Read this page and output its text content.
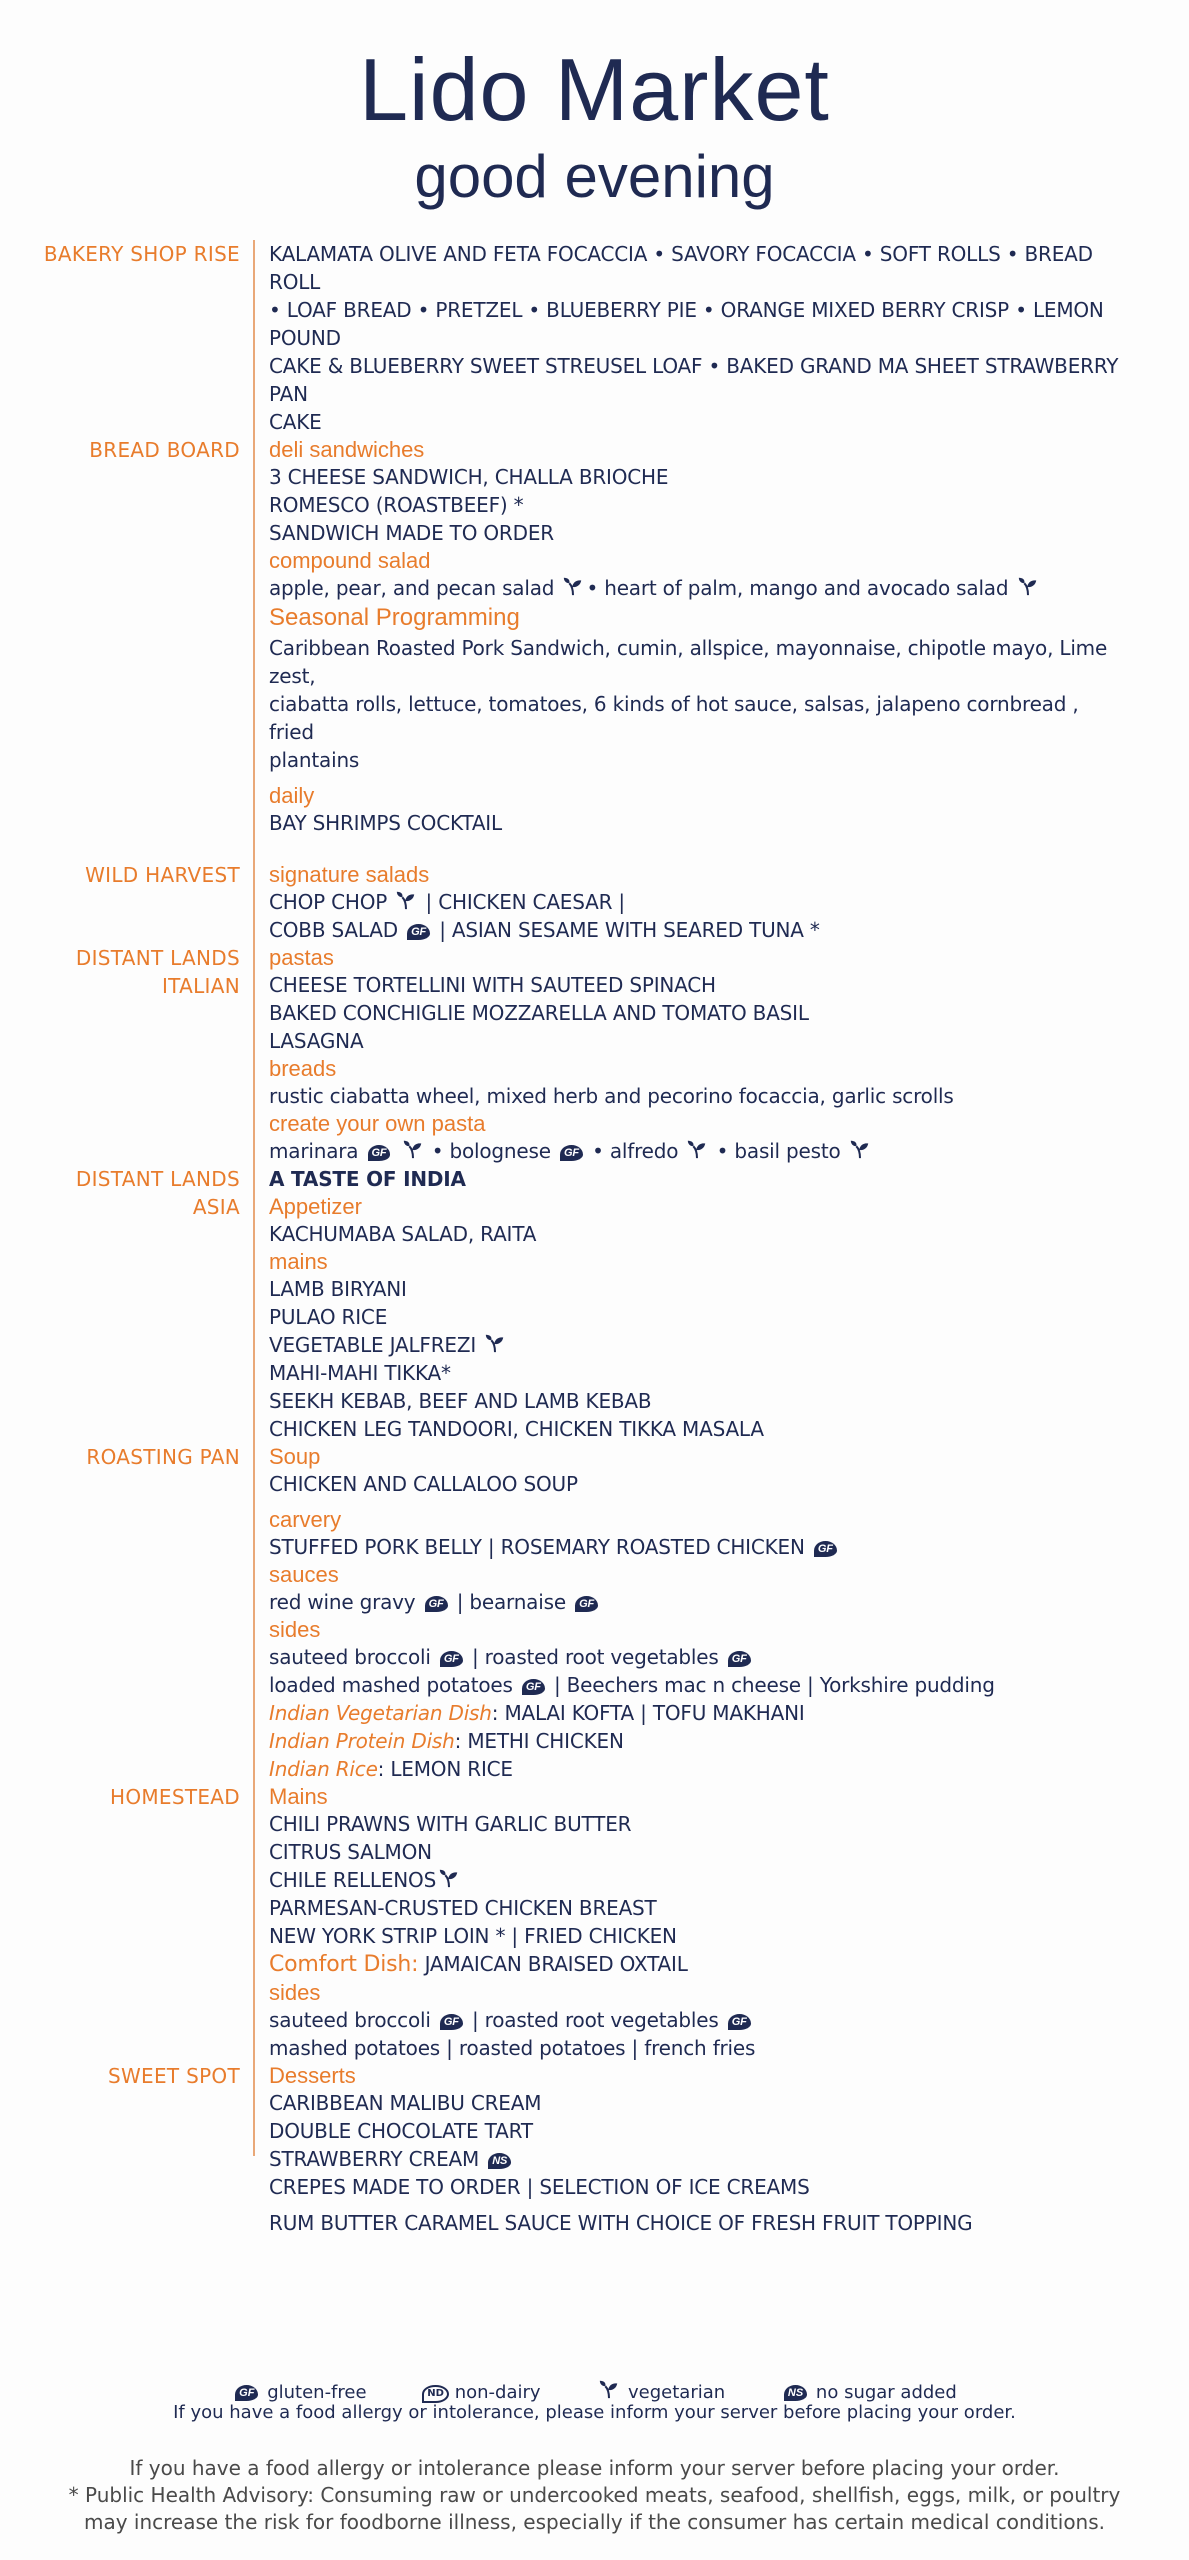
Lido Market
good evening
BAKERY SHOP RISE KALAMATA OLIVE AND FETA FOCACCIA • SAVORY FOCACCIA • SOFT ROLLS • BREAD ROLL
• LOAF BREAD • PRETZEL • BLUEBERRY PIE • ORANGE MIXED BERRY CRISP • LEMON POUND
CAKE & BLUEBERRY SWEET STREUSEL LOAF • BAKED GRAND MA SHEET STRAWBERRY PAN
CAKE
BREAD BOARD deli sandwiches
3 CHEESE SANDWICH, CHALLA BRIOCHE
ROMESCO (ROASTBEEF) *
SANDWICH MADE TO ORDER
compound salad
apple, pear, and pecan salad • heart of palm, mango and avocado salad
Seasonal Programming
Caribbean Roasted Pork Sandwich, cumin, allspice, mayonnaise, chipotle mayo, Lime zest,
ciabatta rolls, lettuce, tomatoes, 6 kinds of hot sauce, salsas, jalapeno cornbread , fried
plantains
daily
BAY SHRIMPS COCKTAIL
WILD HARVEST signature salads
CHOP CHOP | CHICKEN CAESAR |
COBB SALAD GF | ASIAN SESAME WITH SEARED TUNA *
DISTANT LANDS
ITALIAN
pastas
CHEESE TORTELLINI WITH SAUTEED SPINACH
BAKED CONCHIGLIE MOZZARELLA AND TOMATO BASIL
LASAGNA
breads
rustic ciabatta wheel, mixed herb and pecorino focaccia, garlic scrolls
create your own pasta
marinara GF • bolognese GF • alfredo • basil pesto
DISTANT LANDS
ASIA
A TASTE OF INDIA
Appetizer
KACHUMABA SALAD, RAITA
mains
LAMB BIRYANI
PULAO RICE
VEGETABLE JALFREZI
MAHI-MAHI TIKKA*
SEEKH KEBAB, BEEF AND LAMB KEBAB
CHICKEN LEG TANDOORI, CHICKEN TIKKA MASALA
ROASTING PAN Soup
CHICKEN AND CALLALOO SOUP
carvery
STUFFED PORK BELLY | ROSEMARY ROASTED CHICKEN GF
sauces
red wine gravy GF | bearnaise GF
sides
sauteed broccoli GF | roasted root vegetables GF
loaded mashed potatoes GF | Beechers mac n cheese | Yorkshire pudding
Indian Vegetarian Dish: MALAI KOFTA | TOFU MAKHANI
Indian Protein Dish: METHI CHICKEN
Indian Rice: LEMON RICE
HOMESTEAD Mains
CHILI PRAWNS WITH GARLIC BUTTER
CITRUS SALMON
CHILE RELLENOS
PARMESAN-CRUSTED CHICKEN BREAST
NEW YORK STRIP LOIN * | FRIED CHICKEN
Comfort Dish: JAMAICAN BRAISED OXTAIL
sides
sauteed broccoli GF | roasted root vegetables GF
mashed potatoes | roasted potatoes | french fries
SWEET SPOT Desserts
CARIBBEAN MALIBU CREAM
DOUBLE CHOCOLATE TART
STRAWBERRY CREAM NS
CREPES MADE TO ORDER | SELECTION OF ICE CREAMS
RUM BUTTER CARAMEL SAUCE WITH CHOICE OF FRESH FRUIT TOPPING
GF gluten-free	ND non-dairy	vegetarian	NS no sugar added
If you have a food allergy or intolerance, please inform your server before placing your order.
If you have a food allergy or intolerance please inform your server before placing your order.
* Public Health Advisory: Consuming raw or undercooked meats, seafood, shellfish, eggs, milk, or poultry
may increase the risk for foodborne illness, especially if the consumer has certain medical conditions.
